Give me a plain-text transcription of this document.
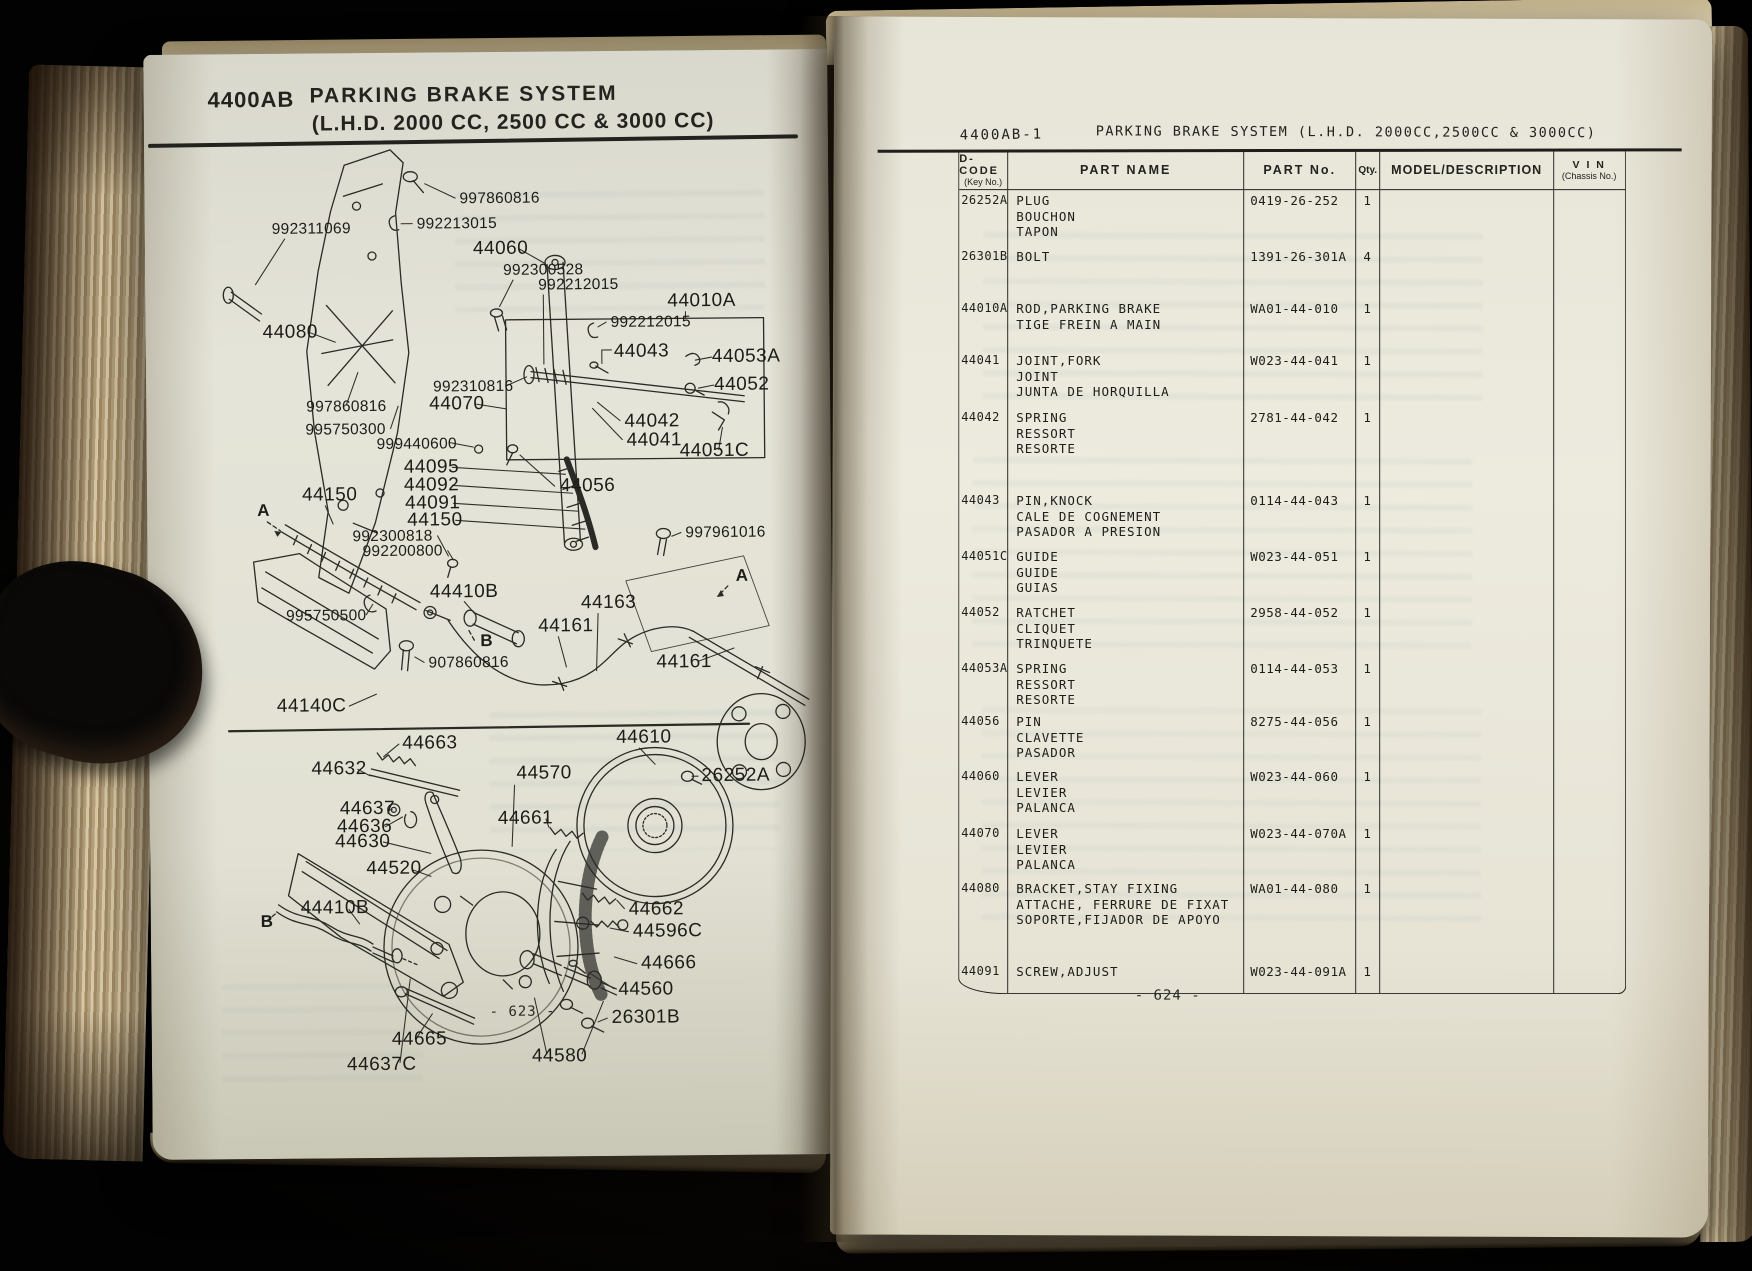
4400AB PARKING BRAKE SYSTEM
(L.H.D. 2000 CC, 2500 CC & 3000 CC)
997860816
992213015
992311069
44060
992300528
992212015
44010A
992212015
44080
44043 44053A
992310816	44052
44070
997860816
44042
995750300	44041
999440600	44051C
44095
44092	44056
44091
44150
A	44150
992300818	997961016
992200800
A
44410B	44163
995750500	44161
B
907860816	44161
44140C
44663	44610
44632	44570	26252A
44637	44661
44636
44630
44520
44410B	44662
B	44596C
44666
44560
26301B
44665
44580
44637C
- 623 -
4400AB-1	PARKING BRAKE SYSTEM (L.H.D. 2000CC,2500CC & 3000CC)
D-CODE
(Key No.)
PART NAME	PART No. Qty. MODEL/DESCRIPTION	V I N
(Chassis No.)
26252A PLUG
BOUCHON
TAPON
0419-26-252	1
26301B BOLT	1391-26-301A	4
44010A ROD,PARKING BRAKE
TIGE FREIN A MAIN
WA01-44-010	1
44041	JOINT,FORK
JOINT
JUNTA DE HORQUILLA
W023-44-041	1
44042	SPRING
RESSORT
RESORTE
2781-44-042	1
44043	PIN,KNOCK
CALE DE COGNEMENT
PASADOR A PRESION
0114-44-043	1
44051C GUIDE
GUIDE
GUIAS
W023-44-051	1
44052	RATCHET
CLIQUET
TRINQUETE
2958-44-052	1
44053A SPRING
RESSORT
RESORTE
0114-44-053	1
44056	PIN
CLAVETTE
PASADOR
8275-44-056	1
44060	LEVER
LEVIER
PALANCA
W023-44-060	1
44070	LEVER
LEVIER
PALANCA
W023-44-070A	1
44080	BRACKET,STAY FIXING
ATTACHE, FERRURE DE FIXAT
SOPORTE,FIJADOR DE APOYO
WA01-44-080	1
44091	SCREW,ADJUST	W023-44-091A	1
- 624 -
